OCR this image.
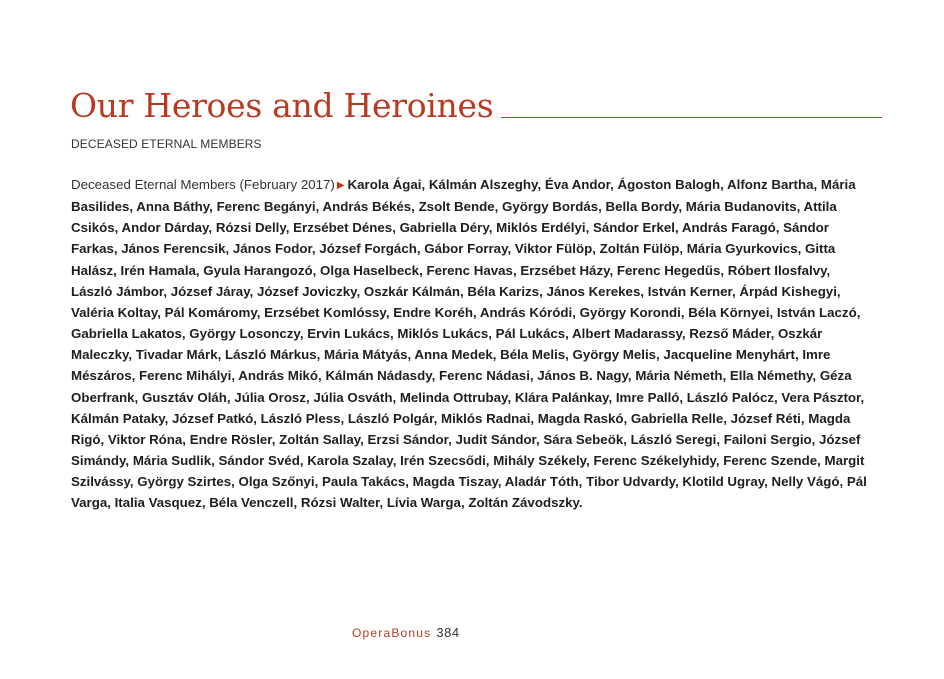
Our Heroes and Heroines
DECEASED ETERNAL MEMBERS

Deceased Eternal Members (February 2017) ▶ Karola Ágai, Kálmán Alszeghy, Éva Andor, Ágoston Balogh, Alfonz Bartha, Mária Basilides, Anna Báthy, Ferenc Begányi, András Békés, Zsolt Bende, György Bordás, Bella Bordy, Mária Budanovits, Attila Csikós, Andor Dárday, Rózsi Delly, Erzsébet Dénes, Gabriella Déry, Miklós Erdélyi, Sándor Erkel, András Faragó, Sándor Farkas, János Ferencsik, János Fodor, József Forgách, Gábor Forray, Viktor Fülöp, Zoltán Fülöp, Mária Gyurkovics, Gitta Halász, Irén Hamala, Gyula Harangozó, Olga Haselbeck, Ferenc Havas, Erzsébet Házy, Ferenc Hegedűs, Róbert Ilosfalvy, László Jámbor, József Járay, József Joviczky, Oszkár Kálmán, Béla Karizs, János Kerekes, István Kerner, Árpád Kishegyi, Valéria Koltay, Pál Komáromy, Erzsébet Komlóssy, Endre Koréh, András Kóródi, György Korondi, Béla Környei, István Laczó, Gabriella Lakatos, György Losonczy, Ervin Lukács, Miklós Lukács, Pál Lukács, Albert Madarassy, Rezső Máder, Oszkár Maleczky, Tivadar Márk, László Márkus, Mária Mátyás, Anna Medek, Béla Melis, György Melis, Jacqueline Menyhárt, Imre Mészáros, Ferenc Mihályi, András Mikó, Kálmán Nádasdy, Ferenc Nádasi, János B. Nagy, Mária Németh, Ella Némethy, Géza Oberfrank, Gusztáv Oláh, Júlia Orosz, Júlia Osváth, Melinda Ottrubay, Klára Palánkay, Imre Palló, László Palócz, Vera Pásztor, Kálmán Pataky, József Patkó, László Pless, László Polgár, Miklós Radnai, Magda Raskó, Gabriella Relle, József Réti, Magda Rigó, Viktor Róna, Endre Rösler, Zoltán Sallay, Erzsi Sándor, Judit Sándor, Sára Sebeök, László Seregi, Failoni Sergio, József Simándy, Mária Sudlik, Sándor Svéd, Karola Szalay, Irén Szecsődi, Mihály Székely, Ferenc Székelyhidy, Ferenc Szende, Margit Szilvássy, György Szirtes, Olga Szőnyi, Paula Takács, Magda Tiszay, Aladár Tóth, Tibor Udvardy, Klotild Ugray, Nelly Vágó, Pál Varga, Italia Vasquez, Béla Venczell, Rózsi Walter, Lívia Warga, Zoltán Závodszky.

OperaBonus 384
